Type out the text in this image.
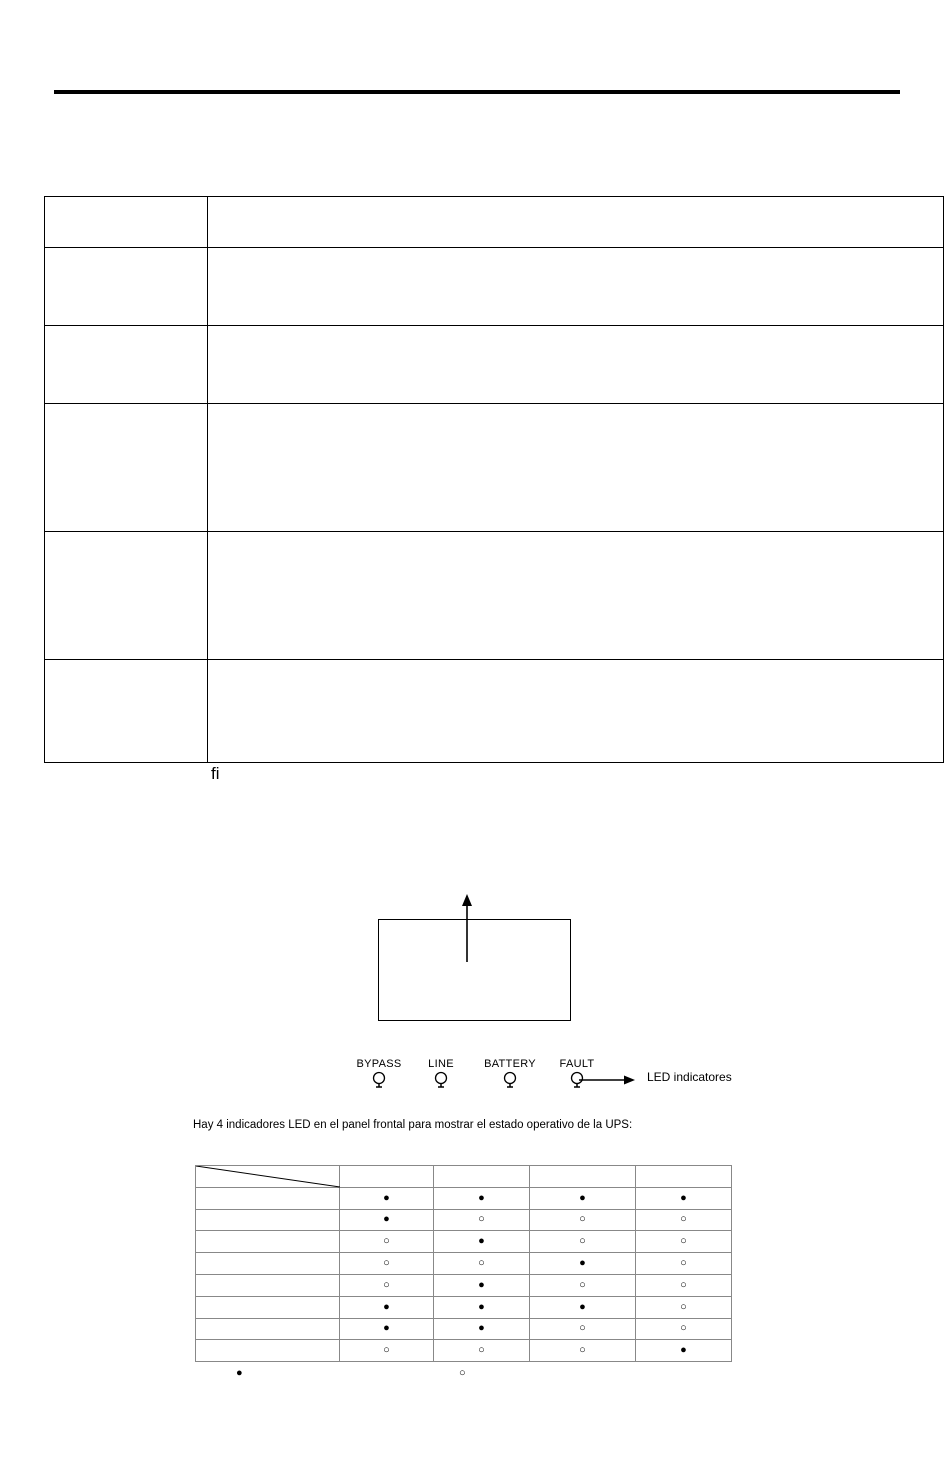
ﬁ
BYPASS	LINE	BATTERY FAULT
LED indicatores
Hay 4 indicadores LED en el panel frontal para mostrar el estado operativo de la UPS:

	●	●	●	●
	●	○	○	○
	○	●	○	○
	○	○	●	○
	○	●	○	○
	●	●	●	○
	●	●	○	○
	○	○	○	●
●	○
